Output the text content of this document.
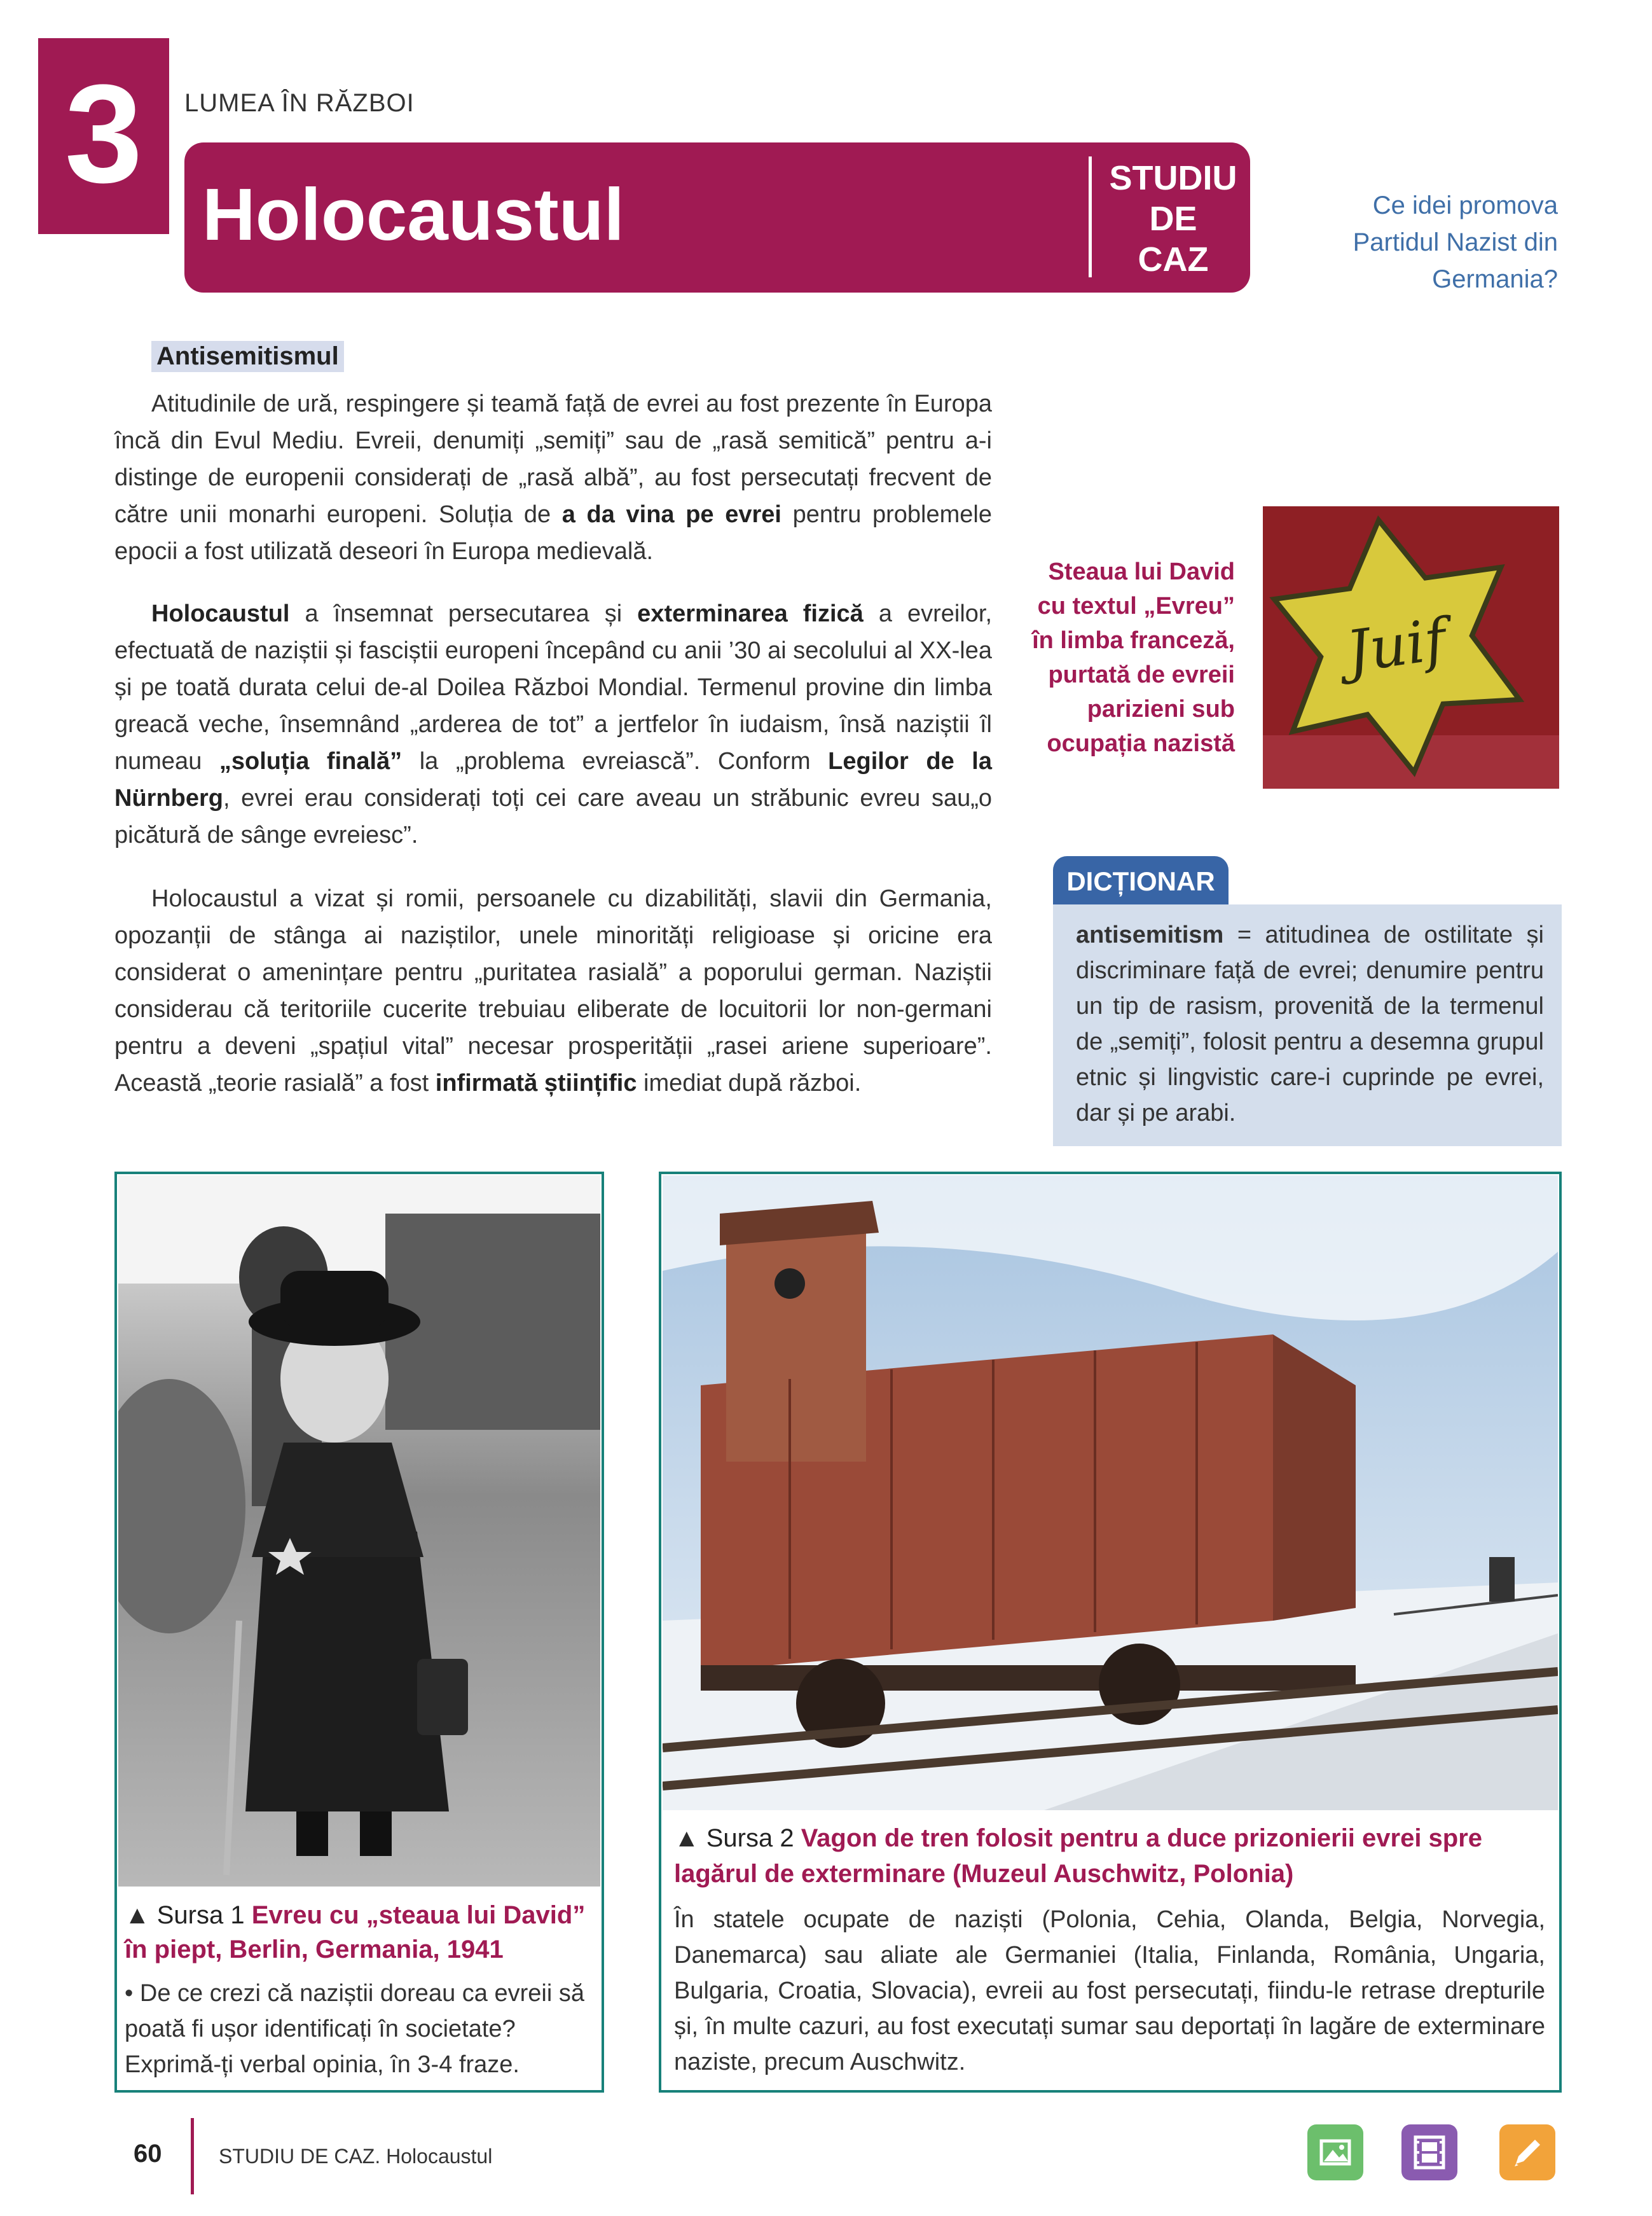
3	LUMEA ÎN RĂZBOI
Holocaustul	STUDIU
DE
CAZ
Ce idei promova Partidul Nazist din Germania?
Antisemitismul

Atitudinile de ură, respingere și teamă față de evrei au fost prezente în Europa încă din Evul Mediu. Evreii, denumiți „semiți” sau de „rasă semitică” pentru a-i distinge de europenii considerați de „rasă albă”, au fost persecutați frecvent de către unii monarhi europeni. Soluția de a da vina pe evrei pentru problemele epocii a fost utilizată deseori în Europa medievală.

Holocaustul a însemnat persecutarea și exterminarea fizică a evreilor, efectuată de naziștii și fasciștii europeni începând cu anii ’30 ai secolului al XX-lea și pe toată durata celui de-al Doilea Război Mondial. Termenul provine din limba greacă veche, însemnând „arderea de tot” a jertfelor în iudaism, însă naziștii îl numeau „soluția finală” la „problema evreiască”. Conform Legilor de la Nürnberg, evrei erau considerați toți cei care aveau un străbunic evreu sau„o picătură de sânge evreiesc”.

Holocaustul a vizat și romii, persoanele cu dizabilități, slavii din Germania, opozanții de stânga ai naziștilor, unele minorități religioase și oricine era considerat o amenințare pentru „puritatea rasială” a poporului german. Naziștii considerau că teritoriile cucerite trebuiau eliberate de locuitorii lor non-germani pentru a deveni „spațiul vital” necesar prosperității „rasei ariene superioare”. Această „teorie rasială” a fost infirmată științific imediat după război.

Juif
Steaua lui David cu textul „Evreu” în limba franceză, purtată de evreii parizieni sub ocupația nazistă
DICȚIONAR
antisemitism = atitudinea de ostilitate și discriminare față de evrei; denumire pentru un tip de rasism, provenită de la termenul de „semiți”, folosit pentru a desemna grupul etnic și lingvistic care-i cuprinde pe evrei, dar și pe arabi.
▲ Sursa 1 Evreu cu „steaua lui David” în piept, Berlin, Germania, 1941
• De ce crezi că naziștii doreau ca evreii să poată fi ușor identificați în societate? Exprimă-ți verbal opinia, în 3-4 fraze.
▲ Sursa 2 Vagon de tren folosit pentru a duce prizonierii evrei spre lagărul de exterminare (Muzeul Auschwitz, Polonia)
În statele ocupate de naziști (Polonia, Cehia, Olanda, Belgia, Norvegia, Danemarca) sau aliate ale Germaniei (Italia, Finlanda, România, Ungaria, Bulgaria, Croatia, Slovacia), evreii au fost persecutați, fiindu-le retrase drepturile și, în multe cazuri, au fost executați sumar sau deportați în lagăre de exterminare naziste, precum Auschwitz.
60	STUDIU DE CAZ. Holocaustul
